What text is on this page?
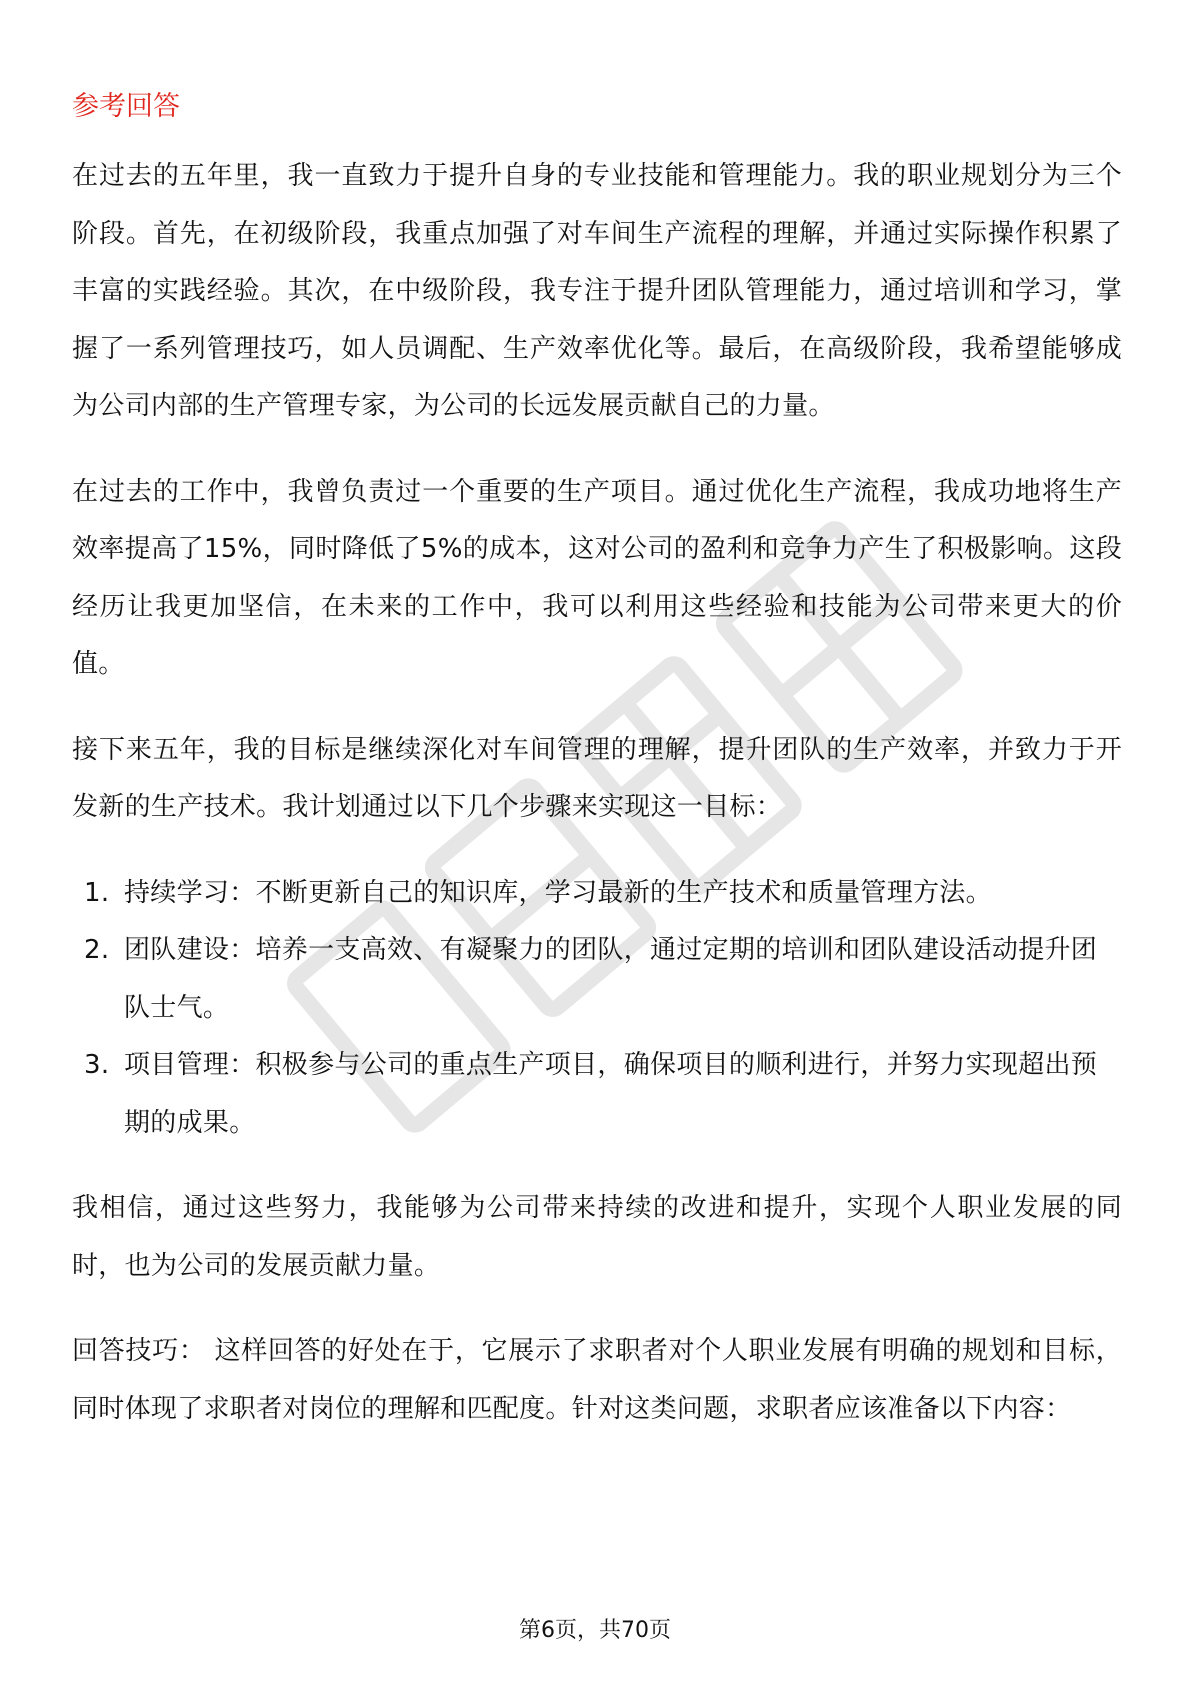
参考回答

在过去的五年里，我一直致力于提升自身的专业技能和管理能力。我的职业规划分为三个阶段。首先，在初级阶段，我重点加强了对车间生产流程的理解，并通过实际操作积累了丰富的实践经验。其次，在中级阶段，我专注于提升团队管理能力，通过培训和学习，掌握了一系列管理技巧，如人员调配、生产效率优化等。最后，在高级阶段，我希望能够成为公司内部的生产管理专家，为公司的长远发展贡献自己的力量。

在过去的工作中，我曾负责过一个重要的生产项目。通过优化生产流程，我成功地将生产效率提高了15%，同时降低了5%的成本，这对公司的盈利和竞争力产生了积极影响。这段经历让我更加坚信，在未来的工作中，我可以利用这些经验和技能为公司带来更大的价值。

接下来五年，我的目标是继续深化对车间管理的理解，提升团队的生产效率，并致力于开发新的生产技术。我计划通过以下几个步骤来实现这一目标：

1. 持续学习：不断更新自己的知识库，学习最新的生产技术和质量管理方法。
2. 团队建设：培养一支高效、有凝聚力的团队，通过定期的培训和团队建设活动提升团队士气。
3. 项目管理：积极参与公司的重点生产项目，确保项目的顺利进行，并努力实现超出预期的成果。

我相信，通过这些努力，我能够为公司带来持续的改进和提升，实现个人职业发展的同时，也为公司的发展贡献力量。

回答技巧： 这样回答的好处在于，它展示了求职者对个人职业发展有明确的规划和目标，同时体现了求职者对岗位的理解和匹配度。针对这类问题，求职者应该准备以下内容：

第6页，共70页
